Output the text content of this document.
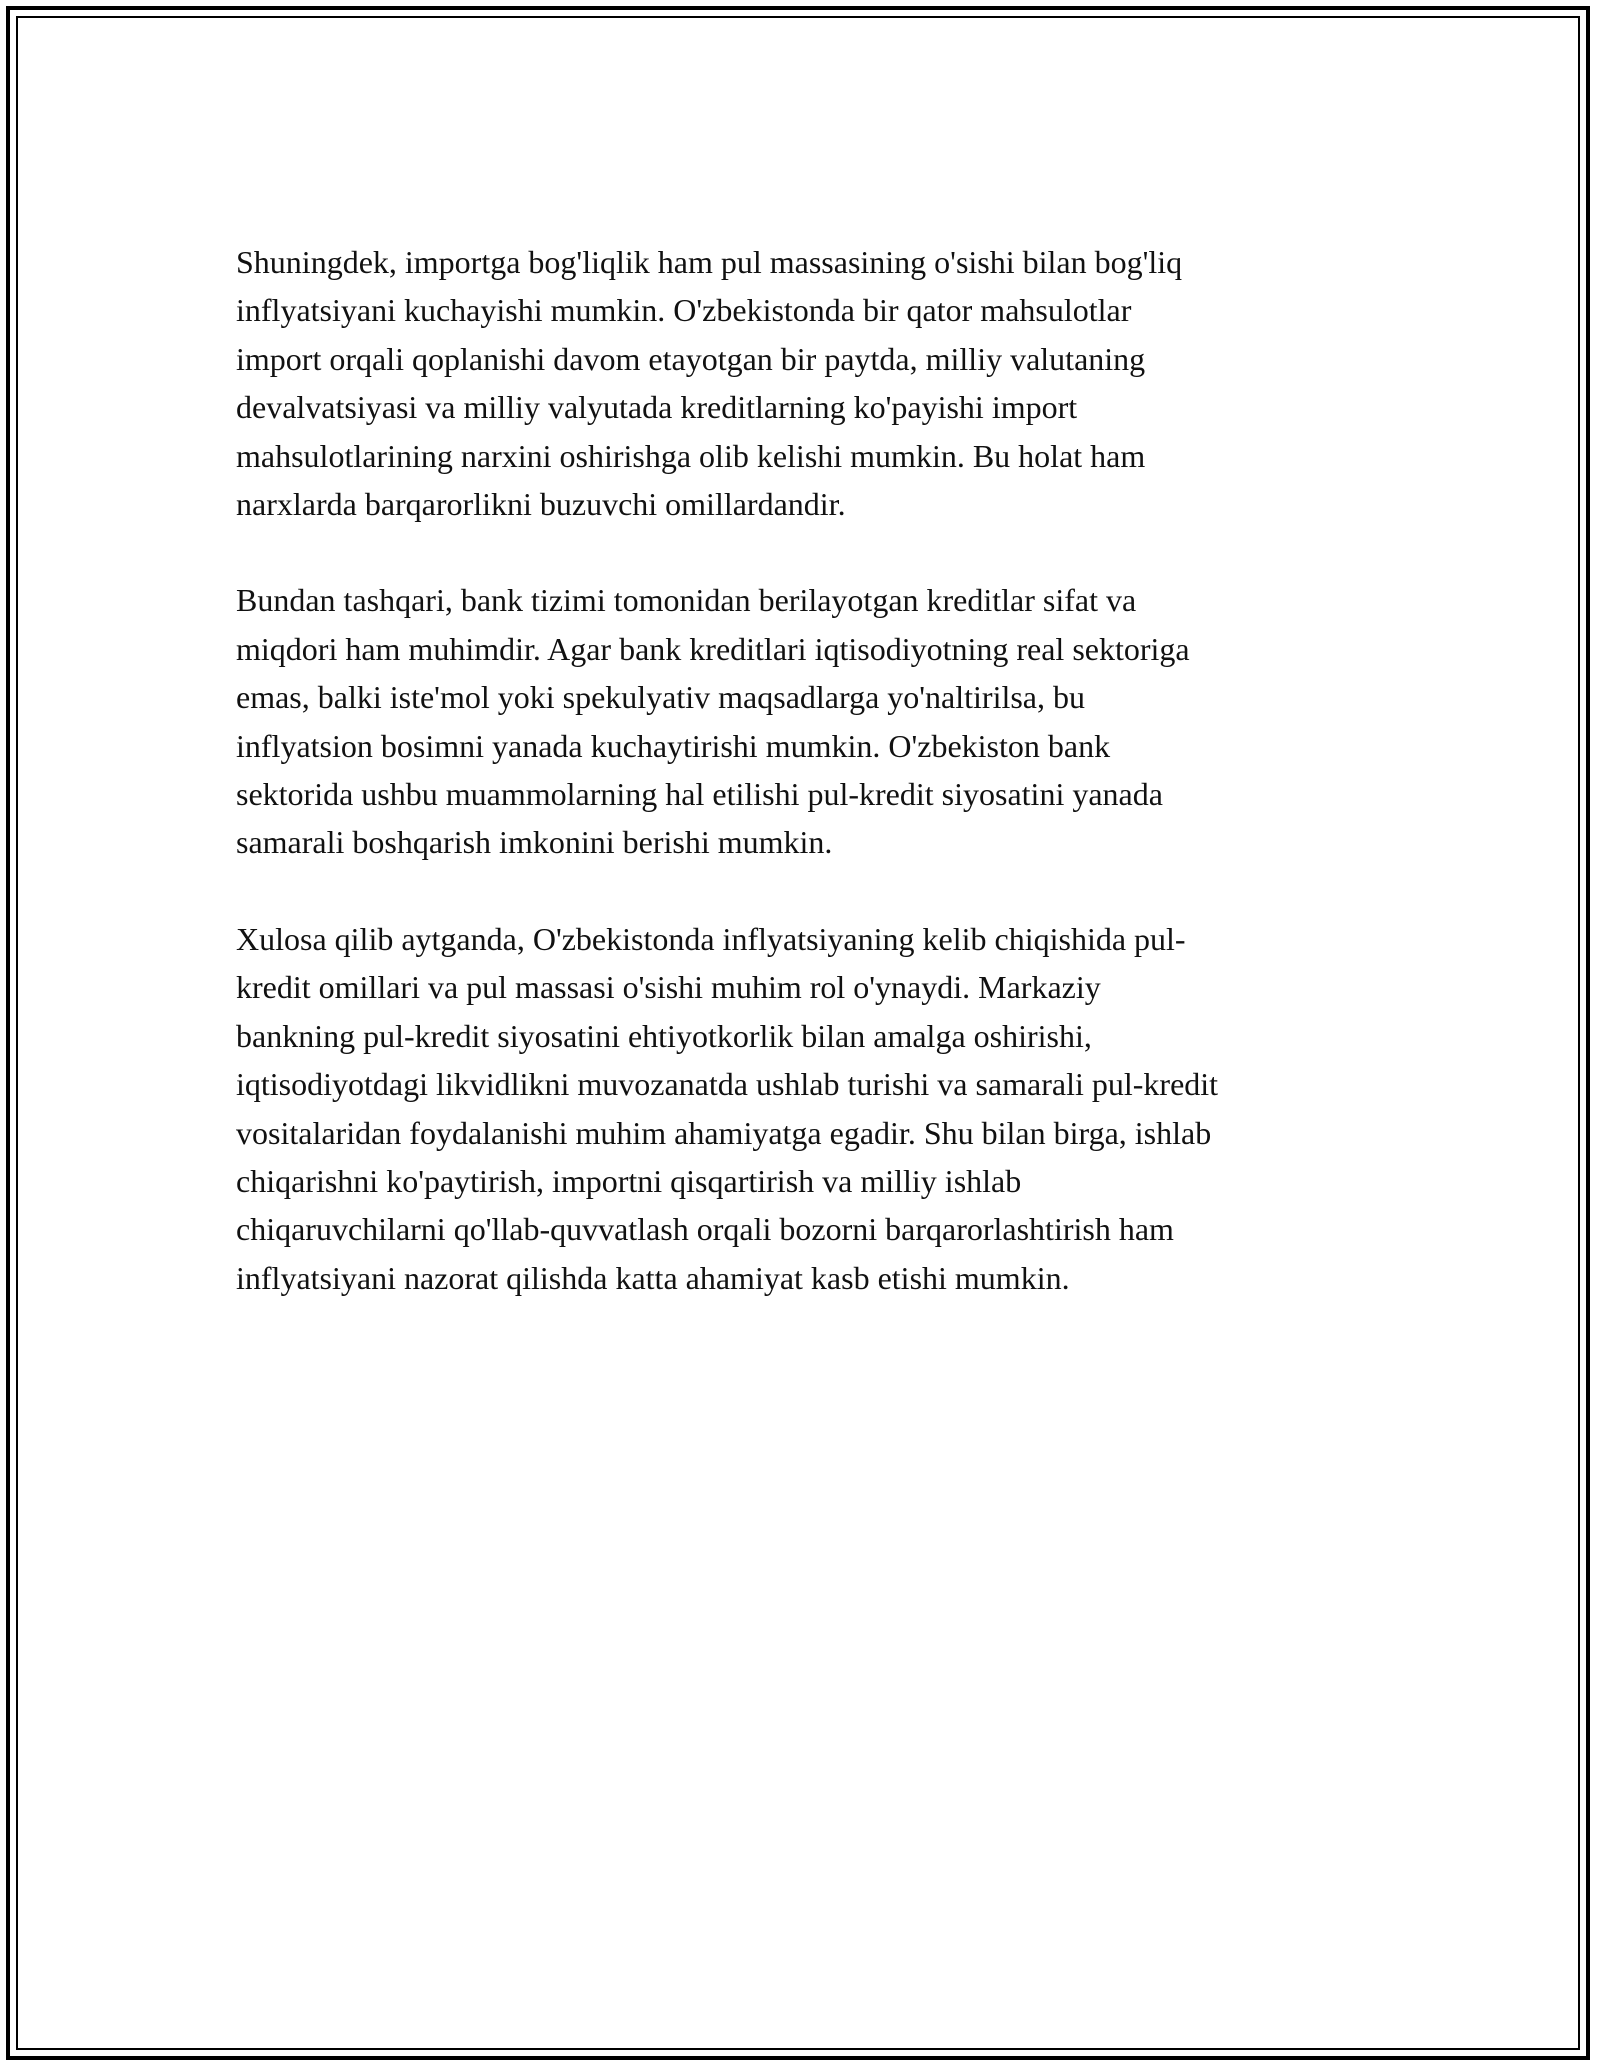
Shuningdek, importga bog'liqlik ham pul massasining o'sishi bilan bog'liq
inflyatsiyani kuchayishi mumkin. O'zbekistonda bir qator mahsulotlar
import orqali qoplanishi davom etayotgan bir paytda, milliy valutaning
devalvatsiyasi va milliy valyutada kreditlarning ko'payishi import
mahsulotlarining narxini oshirishga olib kelishi mumkin. Bu holat ham
narxlarda barqarorlikni buzuvchi omillardandir.

Bundan tashqari, bank tizimi tomonidan berilayotgan kreditlar sifat va
miqdori ham muhimdir. Agar bank kreditlari iqtisodiyotning real sektoriga
emas, balki iste'mol yoki spekulyativ maqsadlarga yo'naltirilsa, bu
inflyatsion bosimni yanada kuchaytirishi mumkin. O'zbekiston bank
sektorida ushbu muammolarning hal etilishi pul-kredit siyosatini yanada
samarali boshqarish imkonini berishi mumkin.

Xulosa qilib aytganda, O'zbekistonda inflyatsiyaning kelib chiqishida pul-
kredit omillari va pul massasi o'sishi muhim rol o'ynaydi. Markaziy
bankning pul-kredit siyosatini ehtiyotkorlik bilan amalga oshirishi,
iqtisodiyotdagi likvidlikni muvozanatda ushlab turishi va samarali pul-kredit
vositalaridan foydalanishi muhim ahamiyatga egadir. Shu bilan birga, ishlab
chiqarishni ko'paytirish, importni qisqartirish va milliy ishlab
chiqaruvchilarni qo'llab-quvvatlash orqali bozorni barqarorlashtirish ham
inflyatsiyani nazorat qilishda katta ahamiyat kasb etishi mumkin.
